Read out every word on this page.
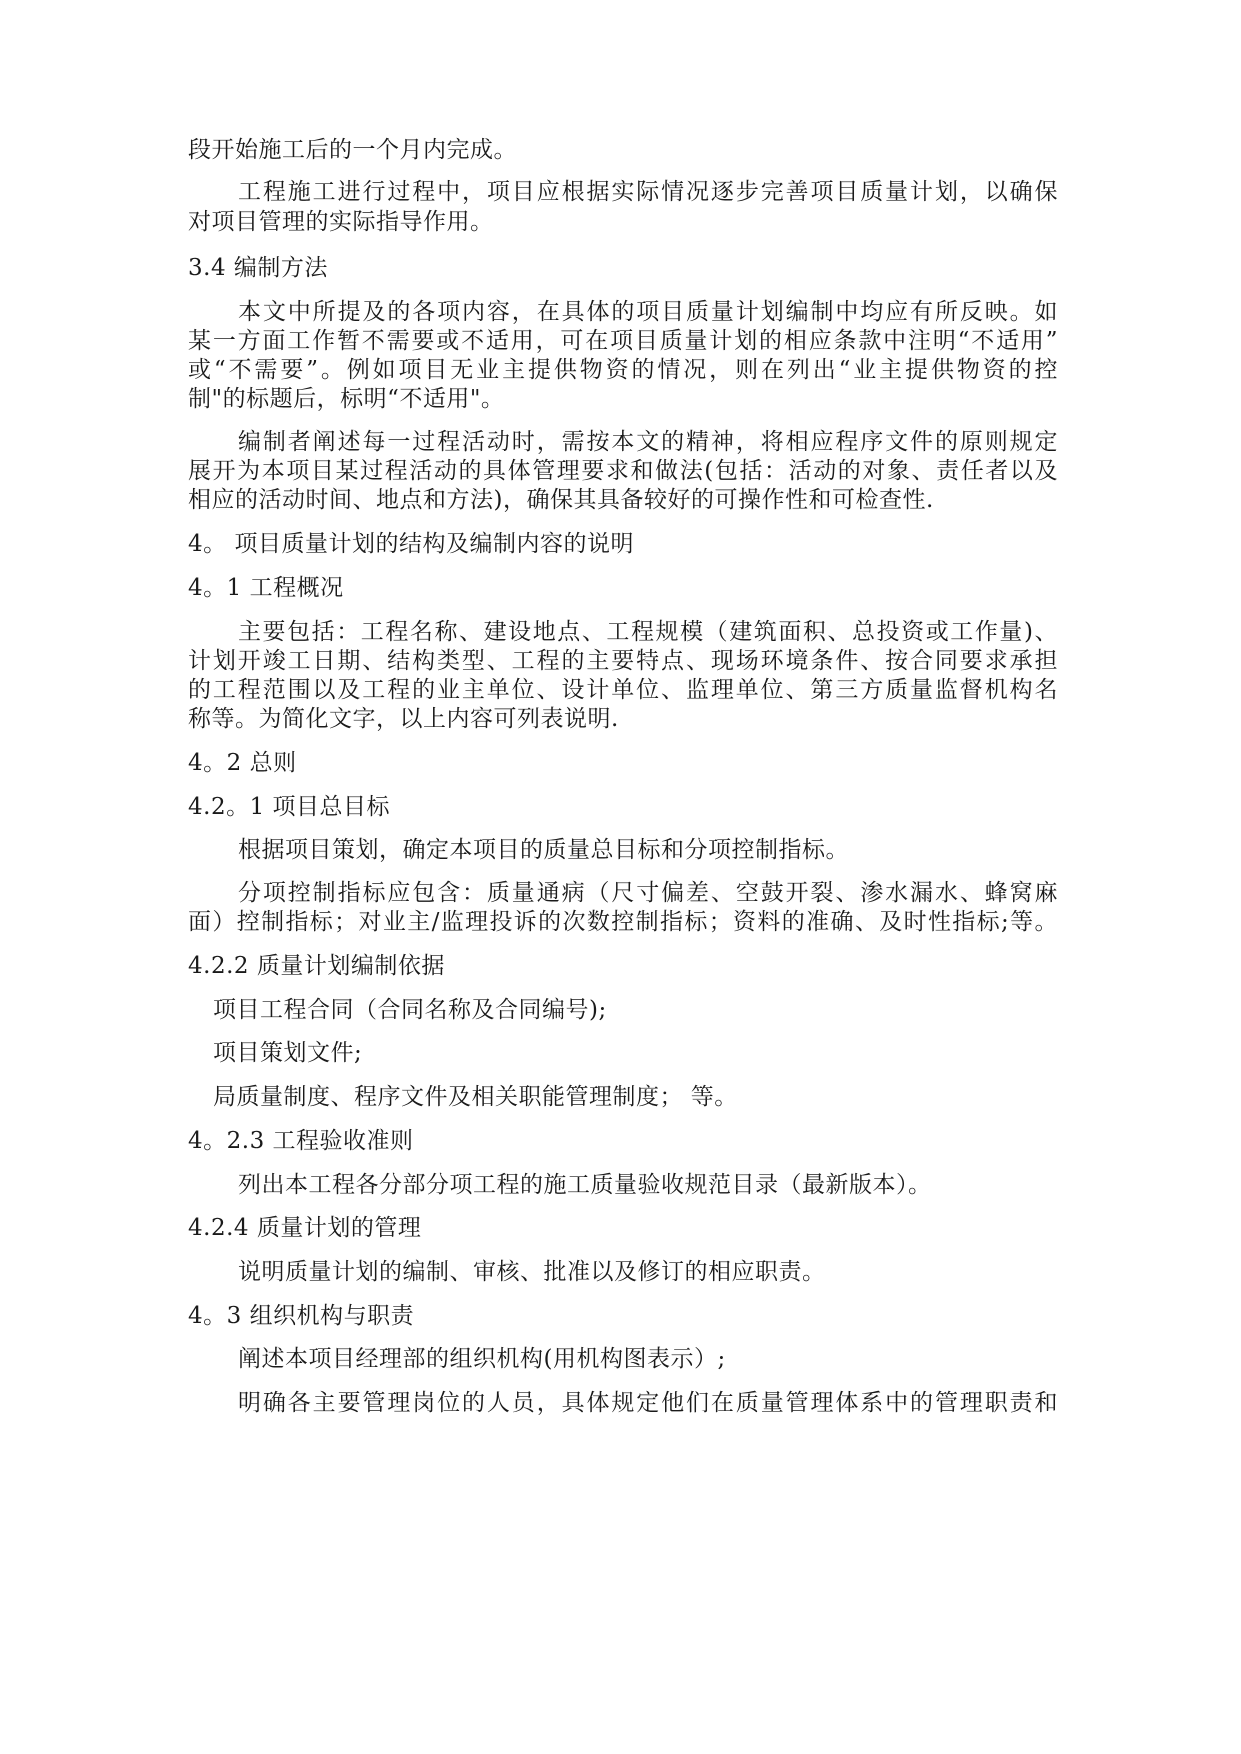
段开始施工后的一个月内完成。
工程施工进行过程中，项目应根据实际情况逐步完善项目质量计划，以确保
对项目管理的实际指导作用。
3.4 编制方法
本文中所提及的各项内容，在具体的项目质量计划编制中均应有所反映。如
某一方面工作暂不需要或不适用，可在项目质量计划的相应条款中注明“不适用”
或“不需要”。例如项目无业主提供物资的情况，则在列出“业主提供物资的控
制"的标题后，标明“不适用"。
编制者阐述每一过程活动时，需按本文的精神，将相应程序文件的原则规定
展开为本项目某过程活动的具体管理要求和做法(包括：活动的对象、责任者以及
相应的活动时间、地点和方法)，确保其具备较好的可操作性和可检查性.
4。 项目质量计划的结构及编制内容的说明
4。1 工程概况
主要包括：工程名称、建设地点、工程规模（建筑面积、总投资或工作量)、
计划开竣工日期、结构类型、工程的主要特点、现场环境条件、按合同要求承担
的工程范围以及工程的业主单位、设计单位、监理单位、第三方质量监督机构名
称等。为简化文字，以上内容可列表说明.
4。2 总则
4.2。1 项目总目标
根据项目策划，确定本项目的质量总目标和分项控制指标。
分项控制指标应包含：质量通病（尺寸偏差、空鼓开裂、渗水漏水、蜂窝麻
面）控制指标；对业主/监理投诉的次数控制指标；资料的准确、及时性指标;等。
4.2.2 质量计划编制依据
项目工程合同（合同名称及合同编号);
项目策划文件;
局质量制度、程序文件及相关职能管理制度； 等。
4。2.3 工程验收准则
列出本工程各分部分项工程的施工质量验收规范目录（最新版本）。
4.2.4 质量计划的管理
说明质量计划的编制、审核、批准以及修订的相应职责。
4。3 组织机构与职责
阐述本项目经理部的组织机构(用机构图表示）;
明确各主要管理岗位的人员，具体规定他们在质量管理体系中的管理职责和
